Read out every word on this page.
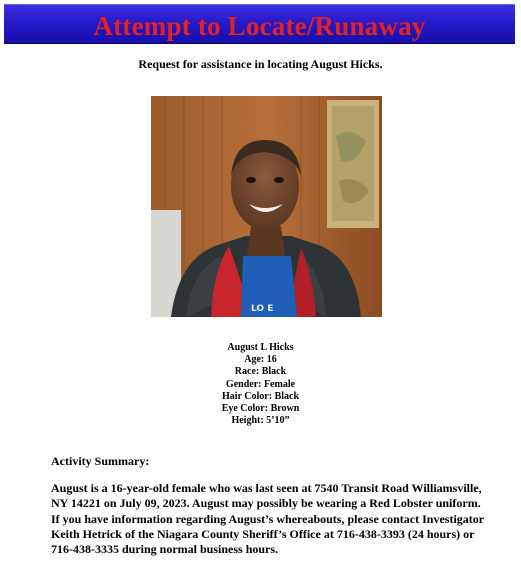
Attempt to Locate/Runaway
Request for assistance in locating August Hicks.
LO E
August L Hicks
Age: 16
Race: Black
Gender: Female
Hair Color: Black
Eye Color: Brown
Height: 5’10”
Activity Summary:

August is a 16-year-old female who was last seen at 7540 Transit Road Williamsville, NY 14221 on July 09, 2023. August may possibly be wearing a Red Lobster uniform. If you have information regarding August’s whereabouts, please contact Investigator Keith Hetrick of the Niagara County Sheriff’s Office at 716-438-3393 (24 hours) or 716-438-3335 during normal business hours.
